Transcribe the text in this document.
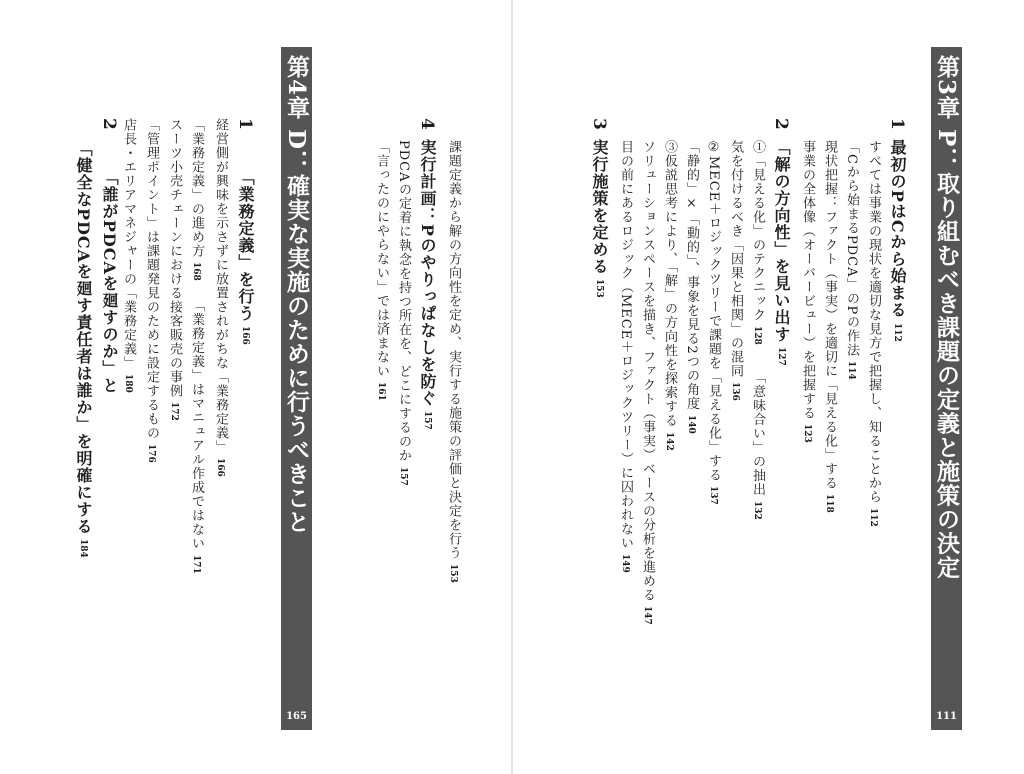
第4章 D：確実な実施のために行うべきこと
165
1「業務定義」を行う166
経営側が興味を示さずに放置されがちな「業務定義」166
「業務定義」の進め方168「業務定義」はマニュアル作成ではない171
スーツ小売チェーンにおける接客販売の事例172
「管理ポイント」は課題発見のために設定するもの176
店長・エリアマネジャーの「業務定義」180
2「誰がPDCAを廻すのか」と
「健全なPDCAを廻す責任者は誰か」を明確にする184	第3章 P：取り組むべき課題の定義と施策の決定
111
1最初のPはCから始まる112
すべては事業の現状を適切な見方で把握し、知ることから112
「Cから始まるPDCA」のPの作法114
現状把握：ファクト（事実）を適切に「見える化」する118
事業の全体像（オーバービュー）を把握する123
2「解の方向性」を見い出す127
①「見える化」のテクニック128「意味合い」の抽出132
気を付けるべき「因果と相関」の混同136
②MECE＋ロジックツリーで課題を「見える化」する137
「静的」×「動的」、事象を見る2つの角度140
③仮説思考により、「解」の方向性を探索する142
ソリューションスペースを描き、ファクト（事実）ベースの分析を進める147
目の前にあるロジック（MECE＋ロジックツリー）に囚われない149
3実行施策を定める153
課題定義から解の方向性を定め、実行する施策の評価と決定を行う153
4実行計画：Pのやりっぱなしを防ぐ157
PDCAの定着に執念を持つ所在を、どこにするのか157
「言ったのにやらない」では済まない161
